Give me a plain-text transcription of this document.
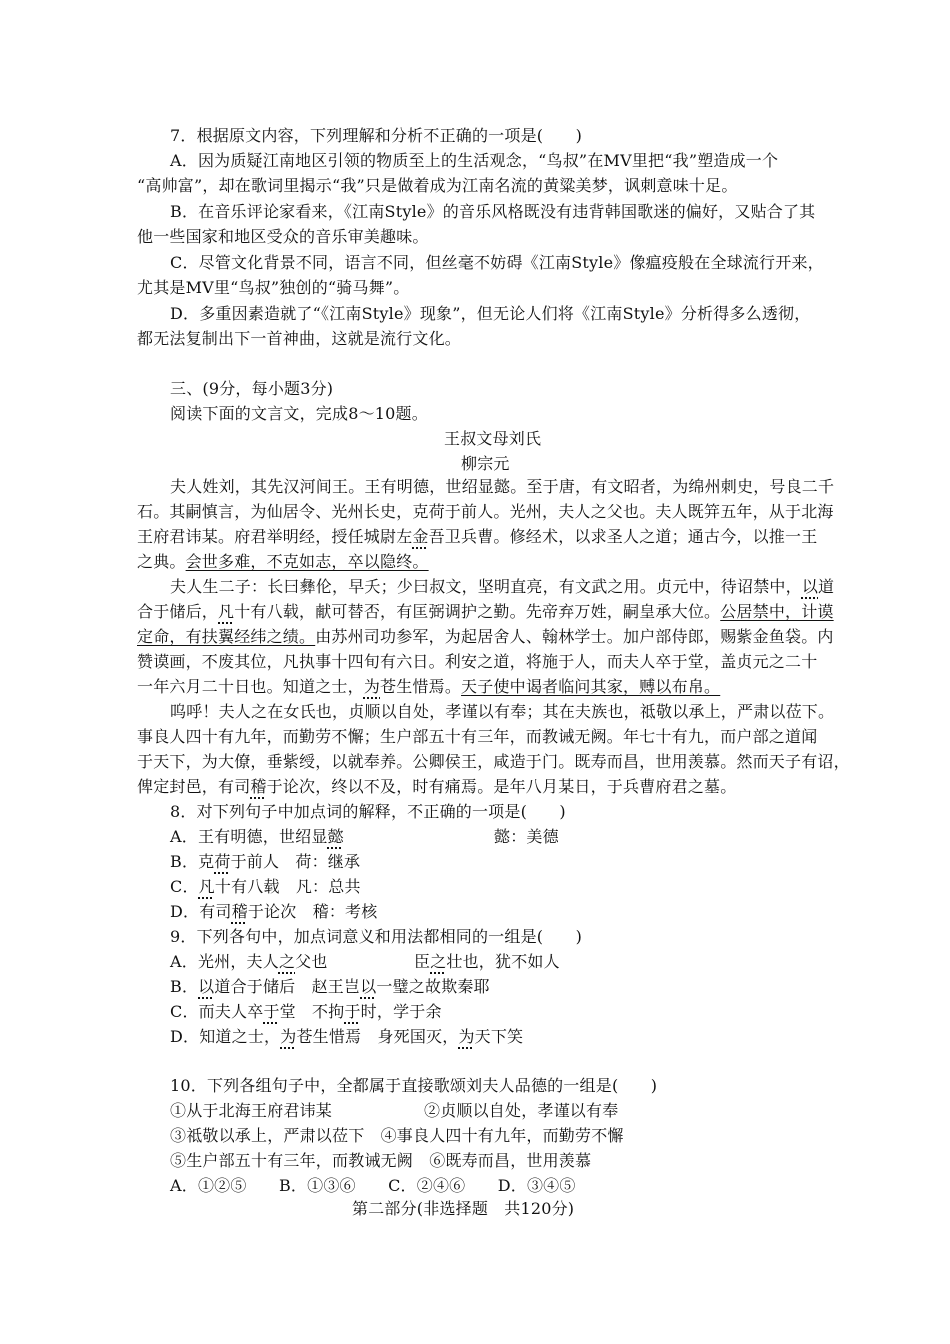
7．根据原文内容，下列理解和分析不正确的一项是(　　)
A．因为质疑江南地区引领的物质至上的生活观念，“鸟叔”在MV里把“我”塑造成一个
“高帅富”，却在歌词里揭示“我”只是做着成为江南名流的黄粱美梦，讽刺意味十足。
B．在音乐评论家看来，《江南Style》的音乐风格既没有违背韩国歌迷的偏好，又贴合了其
他一些国家和地区受众的音乐审美趣味。
C．尽管文化背景不同，语言不同，但丝毫不妨碍《江南Style》像瘟疫般在全球流行开来，
尤其是MV里“鸟叔”独创的“骑马舞”。
D．多重因素造就了“《江南Style》现象”，但无论人们将《江南Style》分析得多么透彻，
都无法复制出下一首神曲，这就是流行文化。
三、(9分，每小题3分)
阅读下面的文言文，完成8～10题。
王叔文母刘氏
柳宗元
夫人姓刘，其先汉河间王。王有明德，世绍显懿。至于唐，有文昭者，为绵州刺史，号良二千
石。其嗣慎言，为仙居令、光州长史，克荷于前人。光州，夫人之父也。夫人既笄五年，从于北海
王府君讳某。府君举明经，授任城尉左金吾卫兵曹。修经术，以求圣人之道；通古今，以推一王
之典。会世多难，不克如志，卒以隐终。
夫人生二子：长曰彝伦，早夭；少曰叔文，坚明直亮，有文武之用。贞元中，待诏禁中，以道
合于储后，凡十有八载，献可替否，有匡弼调护之勤。先帝弃万姓，嗣皇承大位。公居禁中，计谟
定命，有扶翼经纬之绩。由苏州司功参军，为起居舍人、翰林学士。加户部侍郎，赐紫金鱼袋。内
赞谟画，不废其位，凡执事十四旬有六日。利安之道，将施于人，而夫人卒于堂，盖贞元之二十
一年六月二十日也。知道之士，为苍生惜焉。天子使中谒者临问其家，赙以布帛。
呜呼！夫人之在女氏也，贞顺以自处，孝谨以有奉；其在夫族也，祗敬以承上，严肃以莅下。
事良人四十有九年，而勤劳不懈；生户部五十有三年，而教诫无阙。年七十有九，而户部之道闻
于天下，为大僚，垂紫绶，以就奉养。公卿侯王，咸造于门。既寿而昌，世用羡慕。然而天子有诏，
俾定封邑，有司稽于论次，终以不及，时有痛焉。是年八月某日，于兵曹府君之墓。
8．对下列句子中加点词的解释，不正确的一项是(　　)
A．王有明德，世绍显懿	懿：美德
B．克荷于前人　荷：继承
C．凡十有八载　凡：总共
D．有司稽于论次　稽：考核
9．下列各句中，加点词意义和用法都相同的一组是(　　)
A．光州，夫人之父也	臣之壮也，犹不如人
B．以道合于储后　赵王岂以一璧之故欺秦耶
C．而夫人卒于堂　不拘于时，学于余
D．知道之士，为苍生惜焉　身死国灭，为天下笑
10．下列各组句子中，全都属于直接歌颂刘夫人品德的一组是(　　)
①从于北海王府君讳某	②贞顺以自处，孝谨以有奉
③祗敬以承上，严肃以莅下　④事良人四十有九年，而勤劳不懈
⑤生户部五十有三年，而教诫无阙　⑥既寿而昌，世用羡慕
A．①②⑤　　B．①③⑥　　C．②④⑥　　D．③④⑤
第二部分(非选择题　共120分)
